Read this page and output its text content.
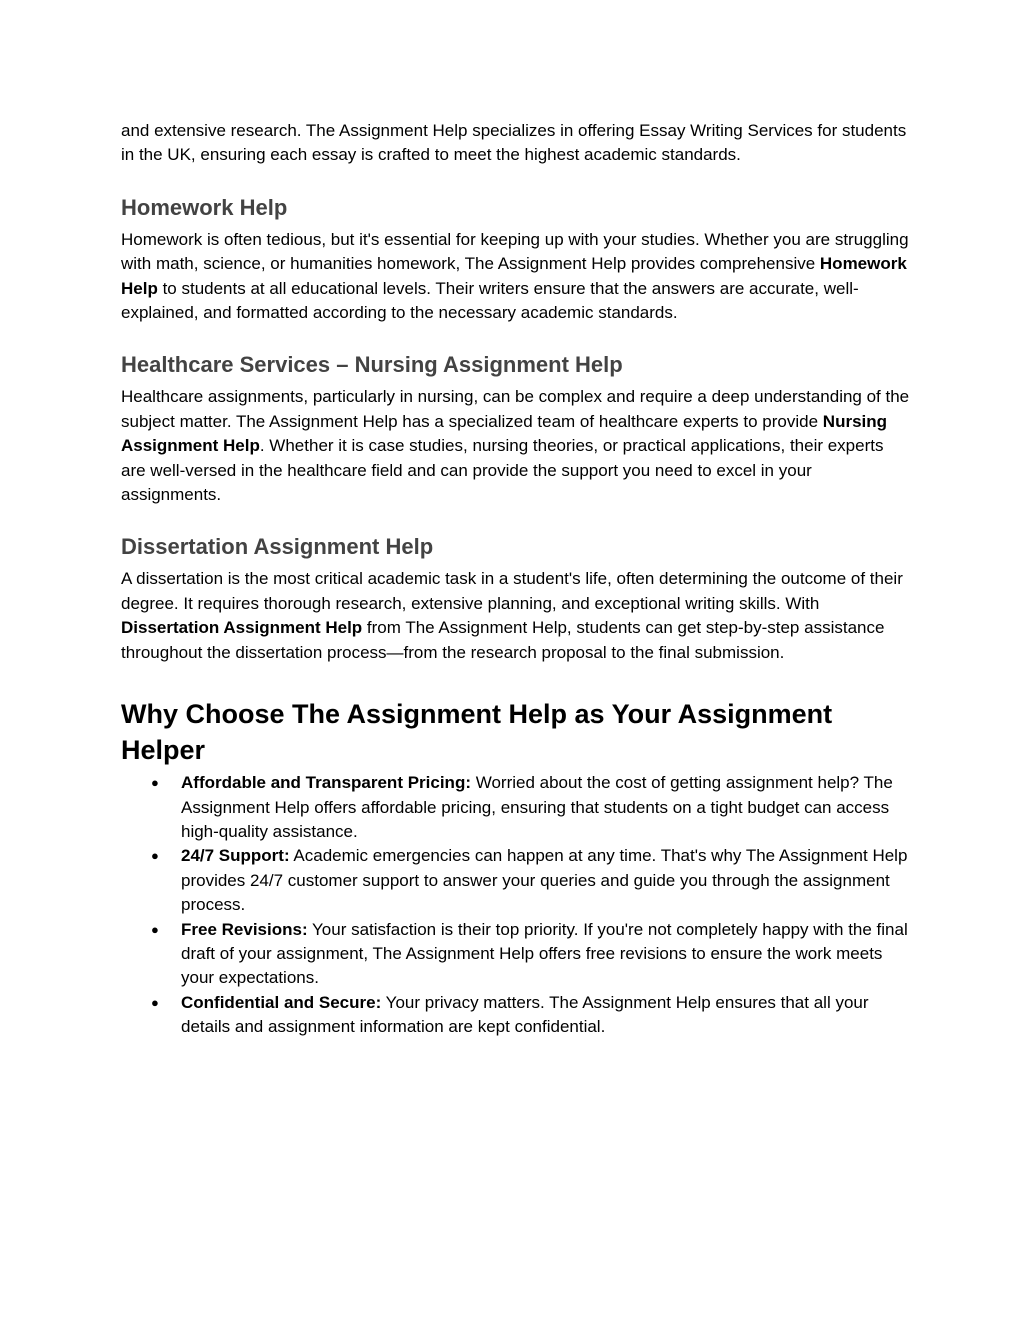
and extensive research. The Assignment Help specializes in offering Essay Writing Services for students in the UK, ensuring each essay is crafted to meet the highest academic standards.

Homework Help

Homework is often tedious, but it's essential for keeping up with your studies. Whether you are struggling with math, science, or humanities homework, The Assignment Help provides comprehensive Homework Help to students at all educational levels. Their writers ensure that the answers are accurate, well-explained, and formatted according to the necessary academic standards.

Healthcare Services – Nursing Assignment Help

Healthcare assignments, particularly in nursing, can be complex and require a deep understanding of the subject matter. The Assignment Help has a specialized team of healthcare experts to provide Nursing Assignment Help. Whether it is case studies, nursing theories, or practical applications, their experts are well-versed in the healthcare field and can provide the support you need to excel in your assignments.

Dissertation Assignment Help

A dissertation is the most critical academic task in a student's life, often determining the outcome of their degree. It requires thorough research, extensive planning, and exceptional writing skills. With Dissertation Assignment Help from The Assignment Help, students can get step-by-step assistance throughout the dissertation process—from the research proposal to the final submission.

Why Choose The Assignment Help as Your Assignment Helper
● Affordable and Transparent Pricing: Worried about the cost of getting assignment help? The Assignment Help offers affordable pricing, ensuring that students on a tight budget can access high-quality assistance.
● 24/7 Support: Academic emergencies can happen at any time. That's why The Assignment Help provides 24/7 customer support to answer your queries and guide you through the assignment process.
● Free Revisions: Your satisfaction is their top priority. If you're not completely happy with the final draft of your assignment, The Assignment Help offers free revisions to ensure the work meets your expectations.
● Confidential and Secure: Your privacy matters. The Assignment Help ensures that all your details and assignment information are kept confidential.
